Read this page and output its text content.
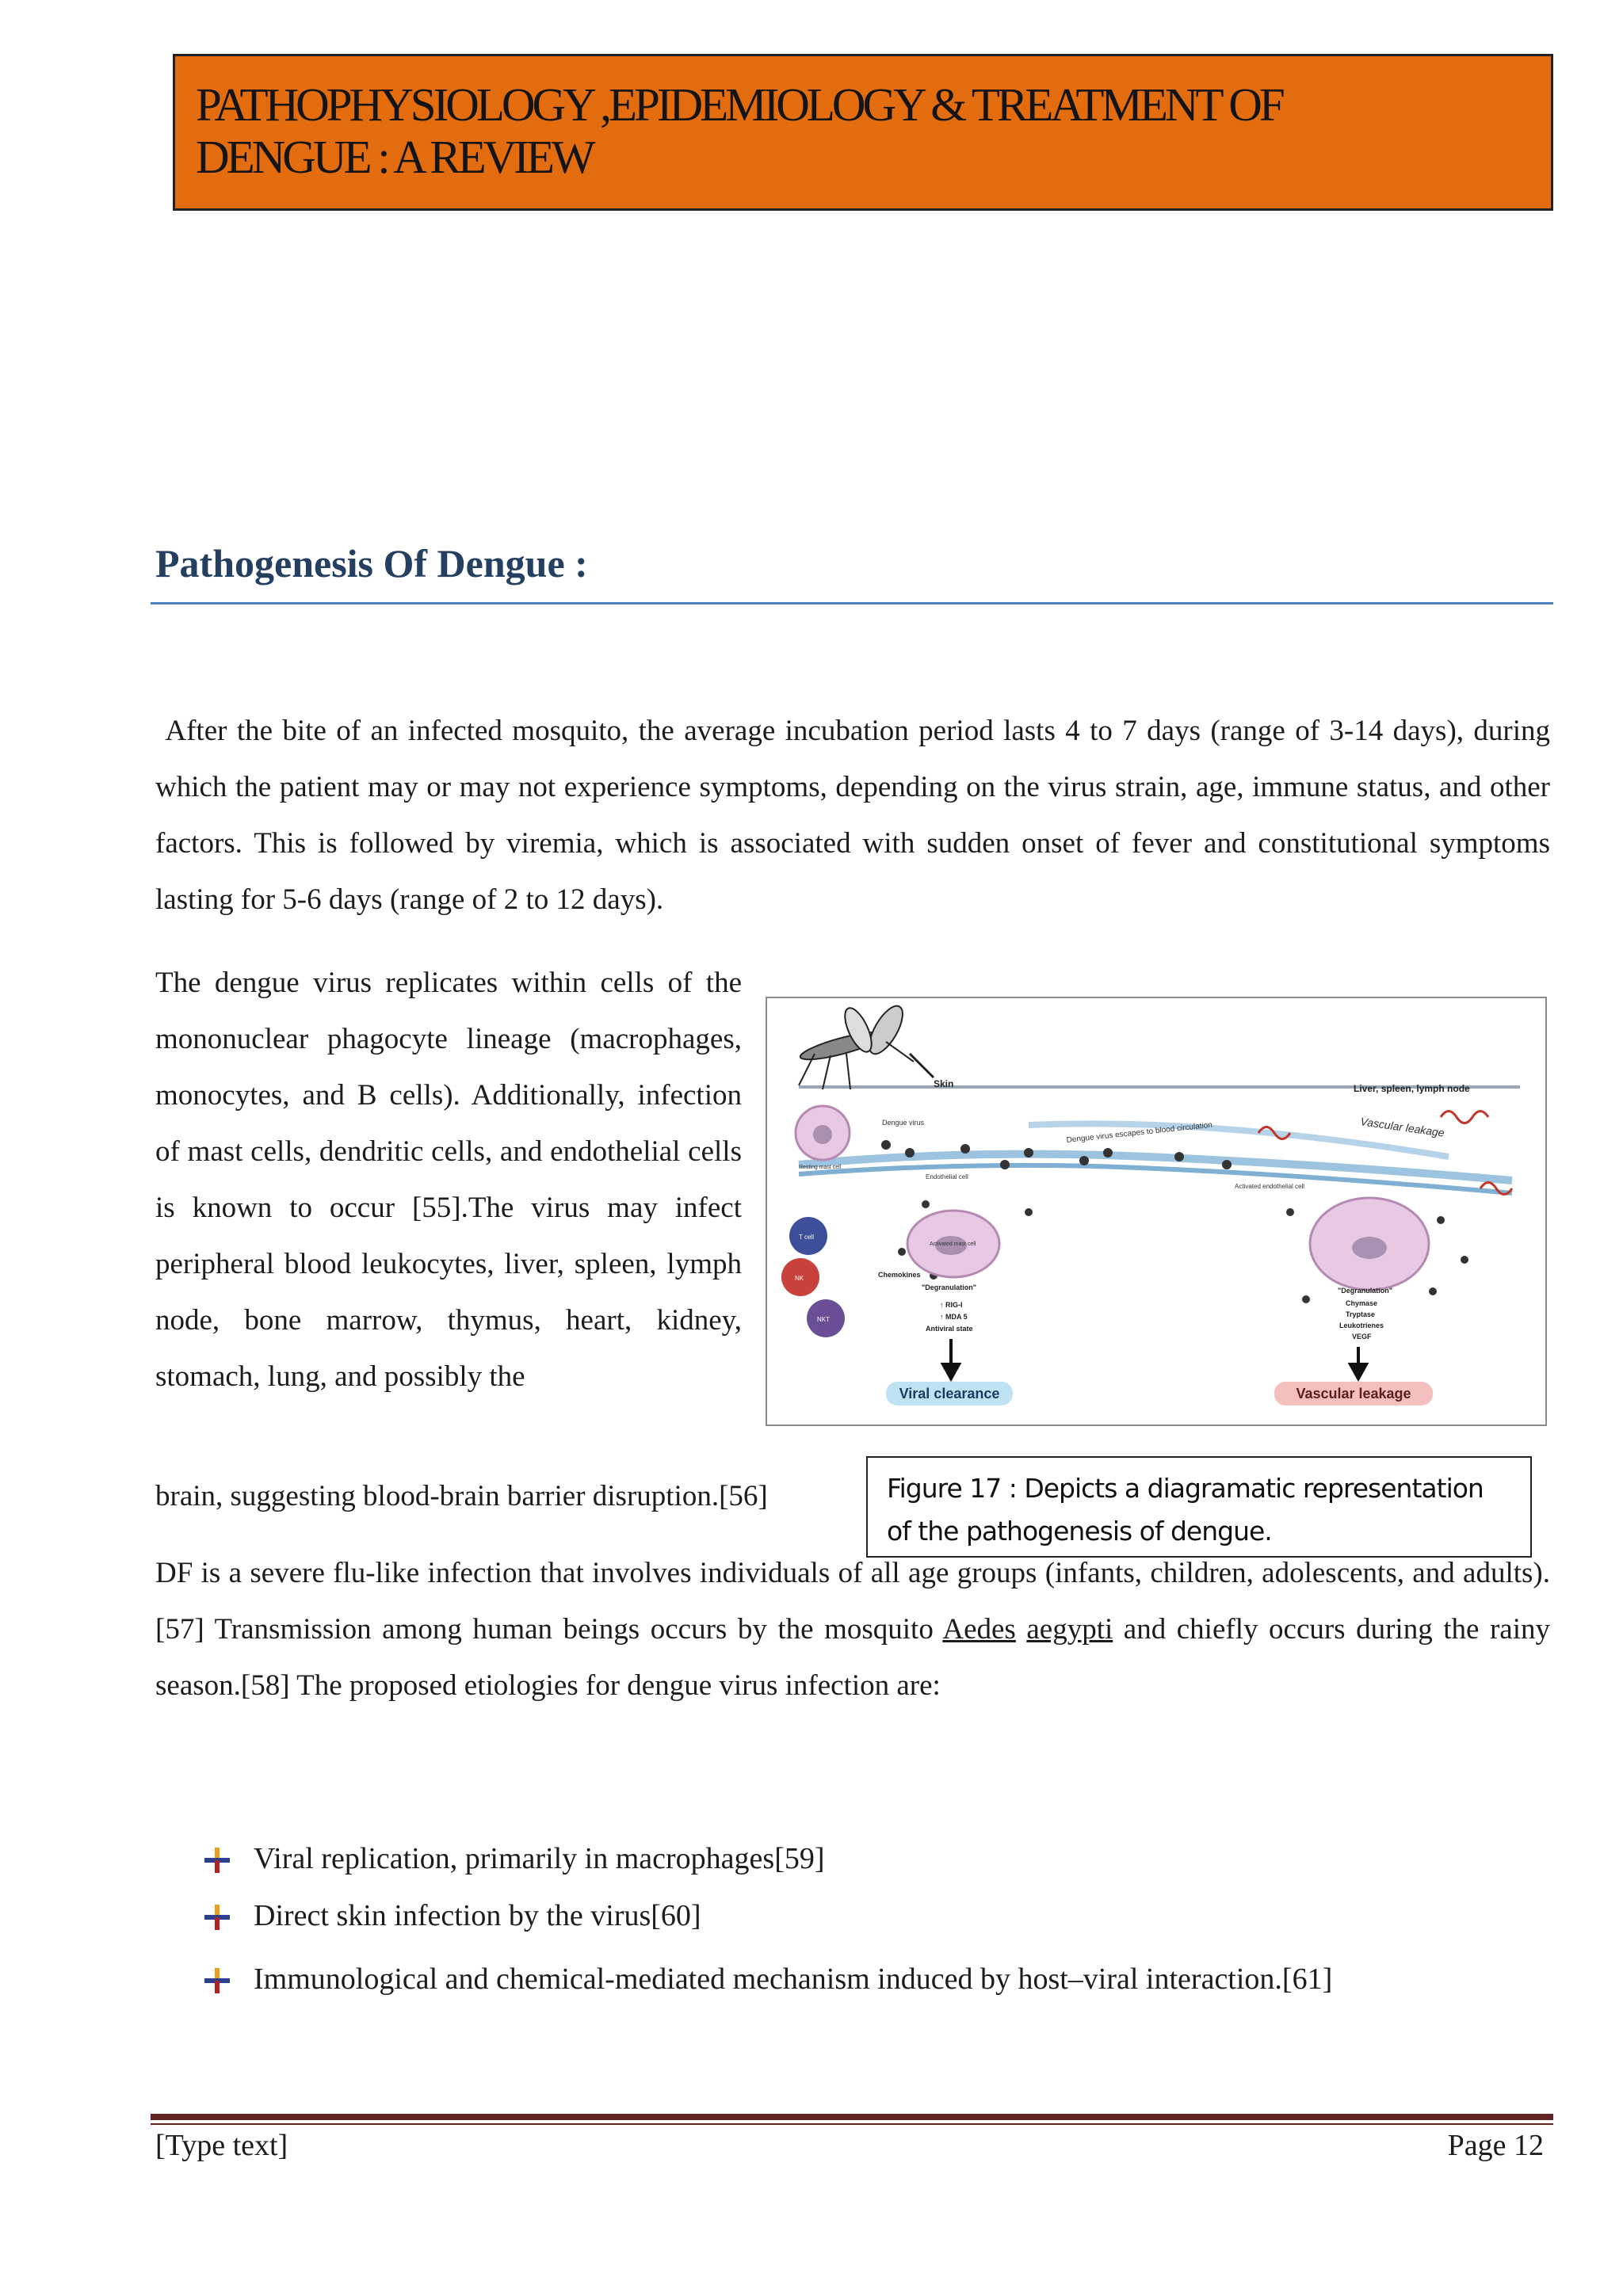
PATHOPHYSIOLOGY ,EPIDEMIOLOGY & TREATMENT OF
DENGUE : A REVIEW
Pathogenesis Of Dengue :

After the bite of an infected mosquito, the average incubation period lasts 4 to 7 days (range of 3-14 days), during which the patient may or may not experience symptoms, depending on the virus strain, age, immune status, and other factors. This is followed by viremia, which is associated with sudden onset of fever and constitutional symptoms lasting for 5-6 days (range of 2 to 12 days).

The dengue virus replicates within cells of the mononuclear phagocyte lineage (macrophages, monocytes, and B cells). Additionally, infection of mast cells, dendritic cells, and endothelial cells is known to occur [55].The virus may infect peripheral blood leukocytes, liver, spleen, lymph node, bone marrow, thymus, heart, kidney, stomach, lung, and possibly the

Skin	Liver, spleen, lymph node
Dengue virus escapes to blood circulation	Vascular leakage
Resting mast cell
Dengue virus
Endothelial cell
Activated endothelial cell
T cell
NK
NKT
Chemokines
Activated mast cell
"Degranulation"
↑ RIG-I
↑ MDA 5
Antiviral state
"Degranulation"
Chymase
Tryptase
Leukotrienes
VEGF
Viral clearance	Vascular leakage

brain, suggesting blood-brain barrier disruption.[56]	Figure 17 : Depicts a diagramatic representation of the pathogenesis of dengue.

DF is a severe flu-like infection that involves individuals of all age groups (infants, children, adolescents, and adults). [57] Transmission among human beings occurs by the mosquito Aedes aegypti and chiefly occurs during the rainy season.[58] The proposed etiologies for dengue virus infection are:

Viral replication, primarily in macrophages[59]
Direct skin infection by the virus[60]
Immunological and chemical-mediated mechanism induced by host–viral interaction.[61]
[Type text]	Page 12
